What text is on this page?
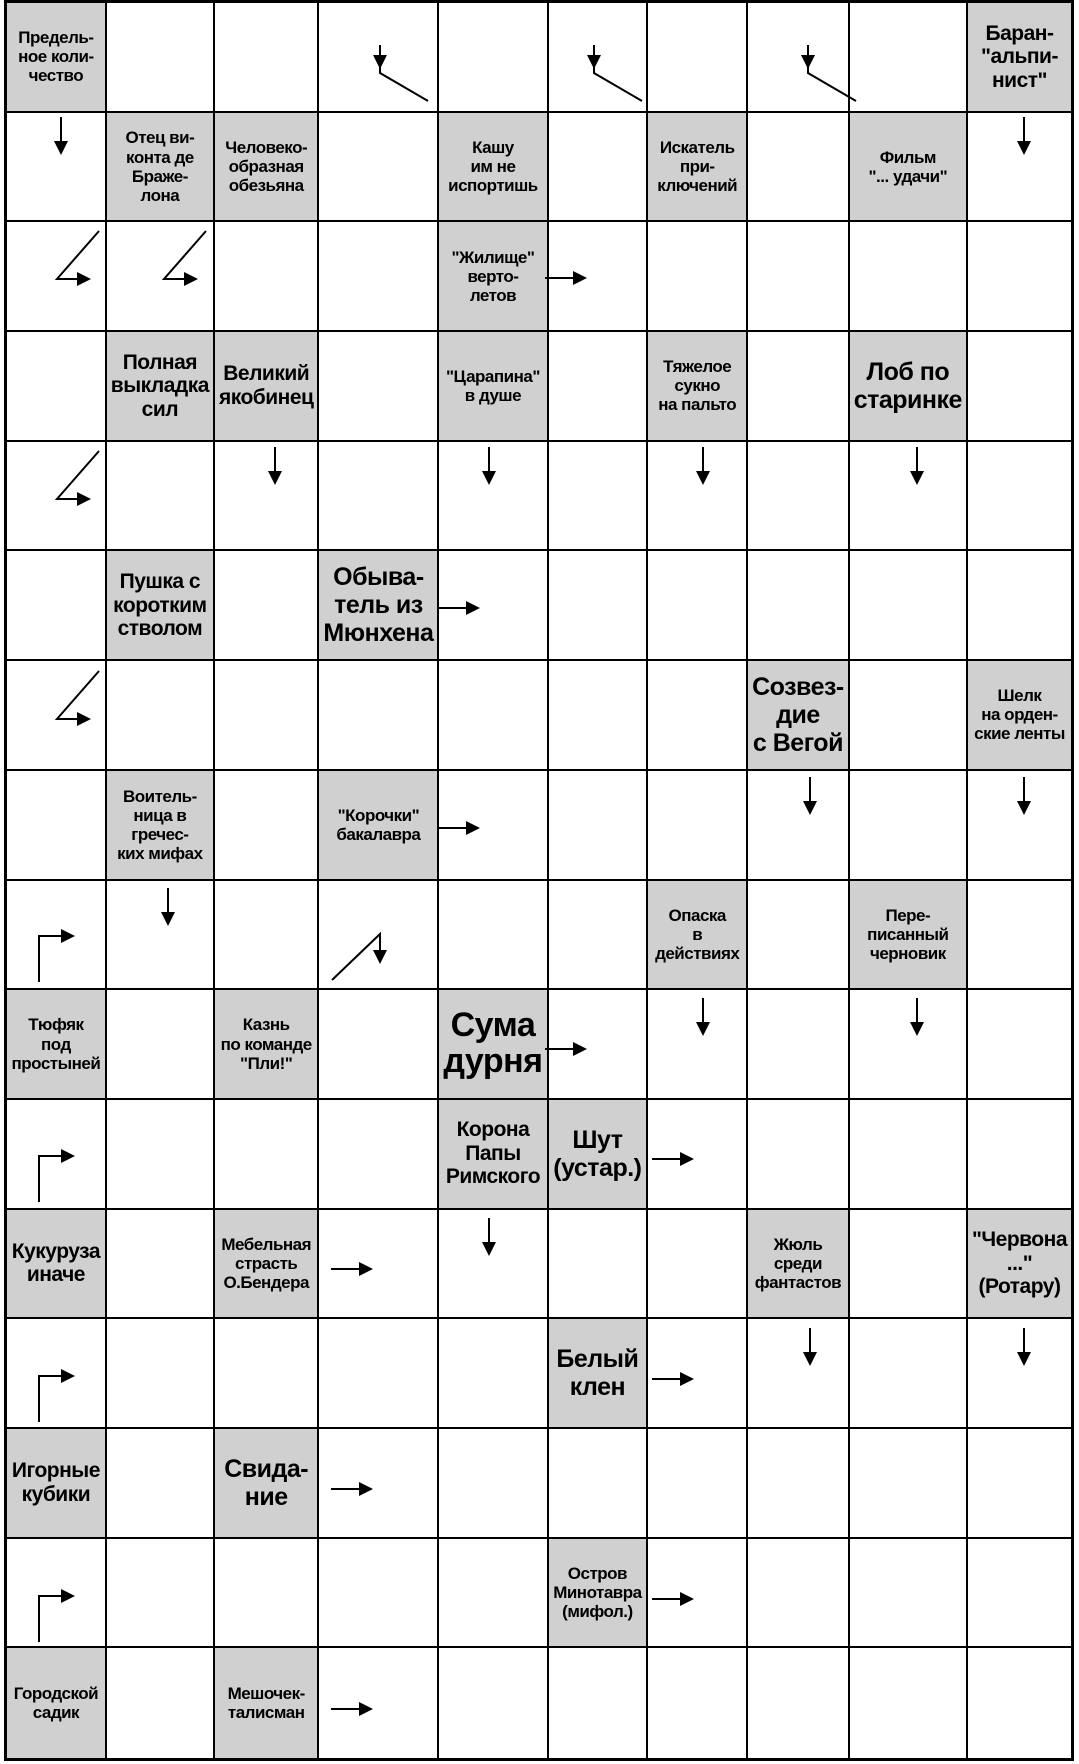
Предель-
ное коли-
чество
Баран-
"альпи-
нист"
Отец ви-
конта де
Браже-
лона
Человеко-
образная
обезьяна
Кашу
им не
испортишь
Искатель
при-
ключений
Фильм
"... удачи"
"Жилище"
верто-
летов
Полная
выкладка
сил
Великий
якобинец
"Царапина"
в душе
Тяжелое
сукно
на пальто
Лоб по
старинке
Пушка с
коротким
стволом
Обыва-
тель из
Мюнхена
Созвез-
дие
с Вегой
Шелк
на орден-
ские ленты
Воитель-
ница в
гречес-
ких мифах
"Корочки"
бакалавра
Опаска
в
действиях
Пере-
писанный
черновик
Тюфяк
под
простыней
Казнь
по команде
"Пли!"
Сума
дурня
Корона
Папы
Римского
Шут
(устар.)
Кукуруза
иначе
Мебельная
страсть
О.Бендера
Жюль
среди
фантастов
"Червона
..."
(Ротару)
Белый
клен
Игорные
кубики
Свида-
ние
Остров
Минотавра
(мифол.)
Городской
садик
Мешочек-
талисман
